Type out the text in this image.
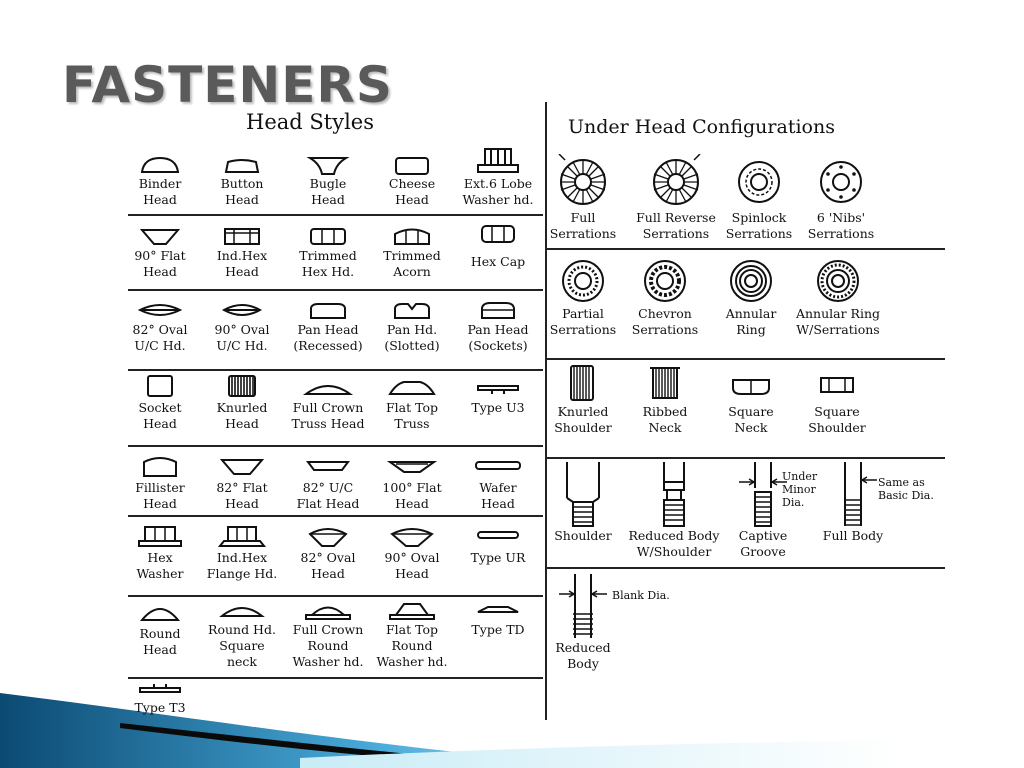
FASTENERS
Head Styles	Under Head Configurations
Binder
Head
Button
Head
Bugle
Head
Cheese
Head
Ext.6 Lobe
Washer hd.
90° Flat
Head
Ind.Hex
Head
Trimmed
Hex Hd.
Trimmed
Acorn
Hex Cap
82° Oval
U/C Hd.
90° Oval
U/C Hd.
Pan Head
(Recessed)
Pan Hd.
(Slotted)
Pan Head
(Sockets)
Socket
Head
Knurled
Head
Full Crown
Truss Head
Flat Top
Truss
Type U3
Fillister
Head
82° Flat
Head
82° U/C
Flat Head
100° Flat
Head
Wafer
Head
Hex
Washer
Ind.Hex
Flange Hd.
82° Oval
Head
90° Oval
Head
Type UR
Round
Head
Round Hd.
Square
neck
Full Crown
Round
Washer hd.
Flat Top
Round
Washer hd.
Type TD
Type T3
Full
Serrations
Full Reverse
Serrations
Spinlock
Serrations
6 'Nibs'
Serrations
Partial
Serrations
Chevron
Serrations
Annular
Ring
Annular Ring
W/Serrations
Knurled
Shoulder
Ribbed
Neck
Square
Neck
Square
Shoulder
Shoulder	Reduced Body
W/Shoulder
Captive
Groove
Under
Minor
Dia.
Full Body
Same as
Basic Dia.
Reduced
Body
Blank Dia.
